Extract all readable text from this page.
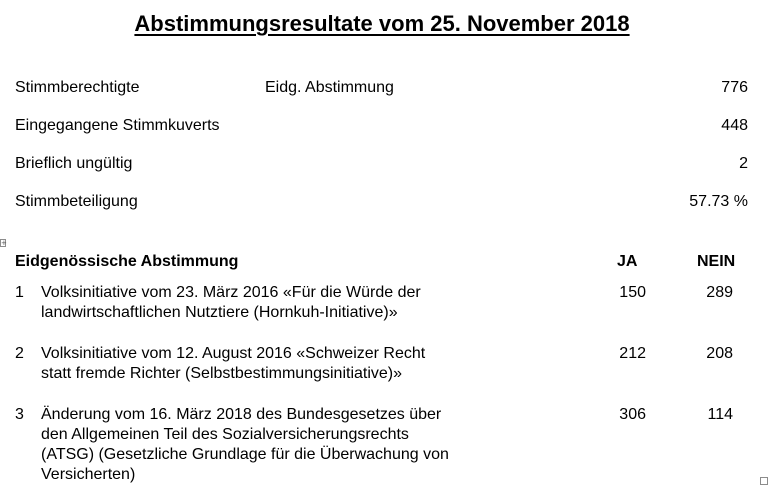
Abstimmungsresultate vom 25. November 2018
Stimmberechtigte	Eidg. Abstimmung	776
Eingegangene Stimmkuverts	448
Brieflich ungültig	2
Stimmbeteiligung	57.73 %
+
Eidgenössische Abstimmung	JA	NEIN
1 Volksinitiative vom 23. März 2016 «Für die Würde der
landwirtschaftlichen Nutztiere (Hornkuh-Initiative)»
150	289
2 Volksinitiative vom 12. August 2016 «Schweizer Recht
statt fremde Richter (Selbstbestimmungsinitiative)»
212	208
3 Änderung vom 16. März 2018 des Bundesgesetzes über
den Allgemeinen Teil des Sozialversicherungsrechts
(ATSG) (Gesetzliche Grundlage für die Überwachung von
Versicherten)
306	114
